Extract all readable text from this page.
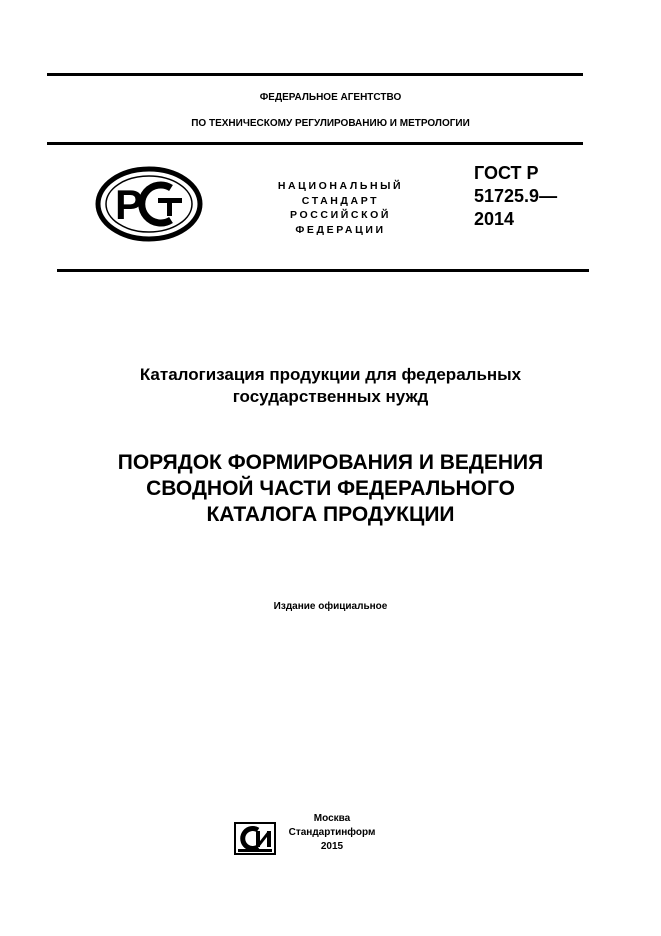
ФЕДЕРАЛЬНОЕ АГЕНТСТВО
ПО ТЕХНИЧЕСКОМУ РЕГУЛИРОВАНИЮ И МЕТРОЛОГИИ
Р	НАЦИОНАЛЬНЫЙ
СТАНДАРТ
РОССИЙСКОЙ
ФЕДЕРАЦИИ
ГОСТ Р
51725.9—
2014
Каталогизация продукции для федеральных
государственных нужд
ПОРЯДОК ФОРМИРОВАНИЯ И ВЕДЕНИЯ
СВОДНОЙ ЧАСТИ ФЕДЕРАЛЬНОГО
КАТАЛОГА ПРОДУКЦИИ
Издание официальное
Москва
Стандартинформ
2015
